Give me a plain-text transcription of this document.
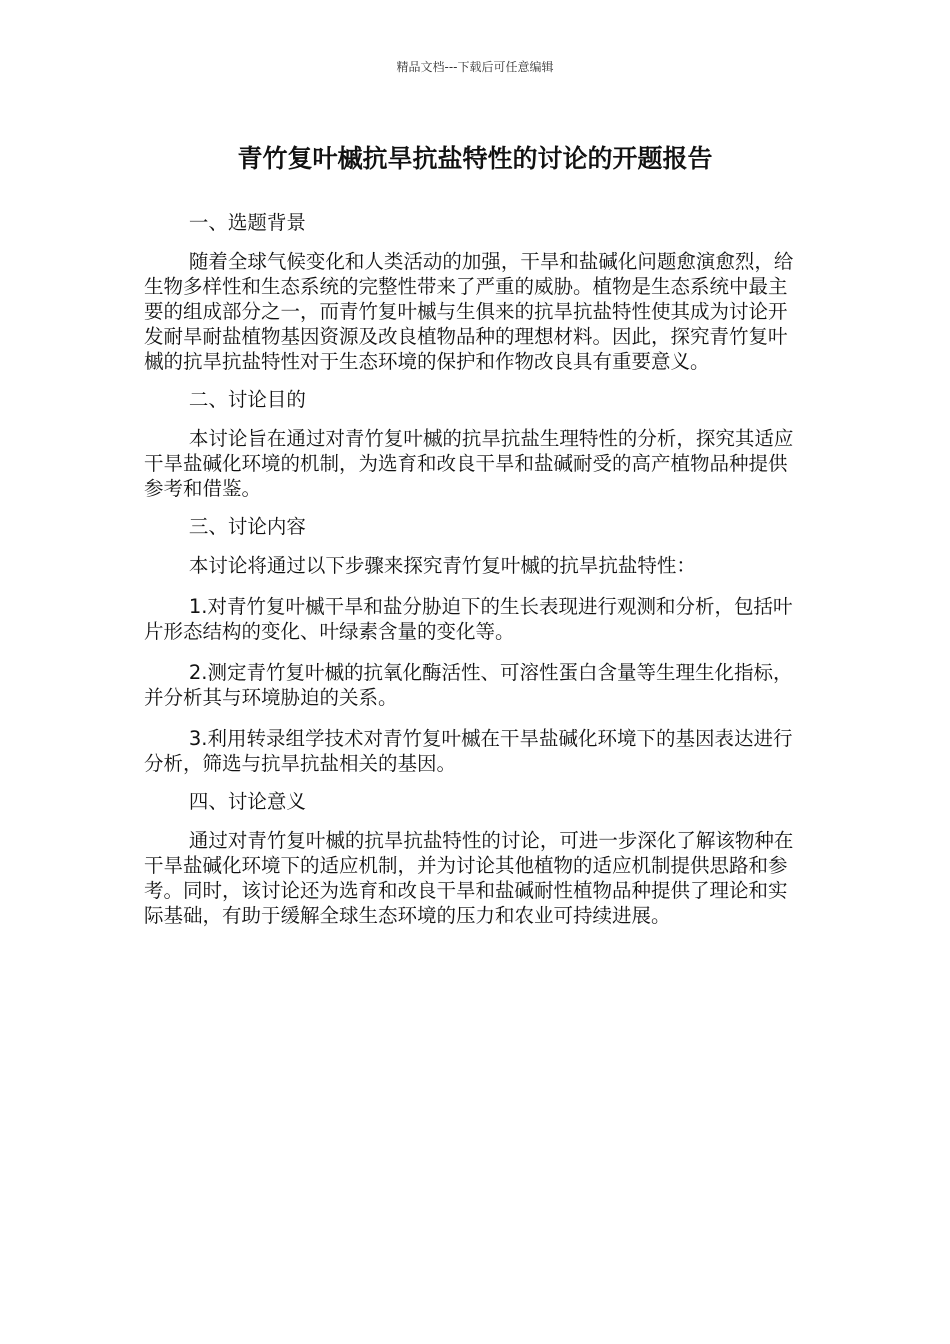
精品文档---下载后可任意编辑
青竹复叶槭抗旱抗盐特性的讨论的开题报告
一、选题背景

随着全球气候变化和人类活动的加强，干旱和盐碱化问题愈演愈烈，给生物多样性和生态系统的完整性带来了严重的威胁。植物是生态系统中最主要的组成部分之一，而青竹复叶槭与生俱来的抗旱抗盐特性使其成为讨论开发耐旱耐盐植物基因资源及改良植物品种的理想材料。因此，探究青竹复叶槭的抗旱抗盐特性对于生态环境的保护和作物改良具有重要意义。

二、讨论目的

本讨论旨在通过对青竹复叶槭的抗旱抗盐生理特性的分析，探究其适应干旱盐碱化环境的机制，为选育和改良干旱和盐碱耐受的高产植物品种提供参考和借鉴。

三、讨论内容

本讨论将通过以下步骤来探究青竹复叶槭的抗旱抗盐特性：

1.对青竹复叶槭干旱和盐分胁迫下的生长表现进行观测和分析，包括叶片形态结构的变化、叶绿素含量的变化等。

2.测定青竹复叶槭的抗氧化酶活性、可溶性蛋白含量等生理生化指标，并分析其与环境胁迫的关系。

3.利用转录组学技术对青竹复叶槭在干旱盐碱化环境下的基因表达进行分析，筛选与抗旱抗盐相关的基因。

四、讨论意义

通过对青竹复叶槭的抗旱抗盐特性的讨论，可进一步深化了解该物种在干旱盐碱化环境下的适应机制，并为讨论其他植物的适应机制提供思路和参考。同时，该讨论还为选育和改良干旱和盐碱耐性植物品种提供了理论和实际基础，有助于缓解全球生态环境的压力和农业可持续进展。
